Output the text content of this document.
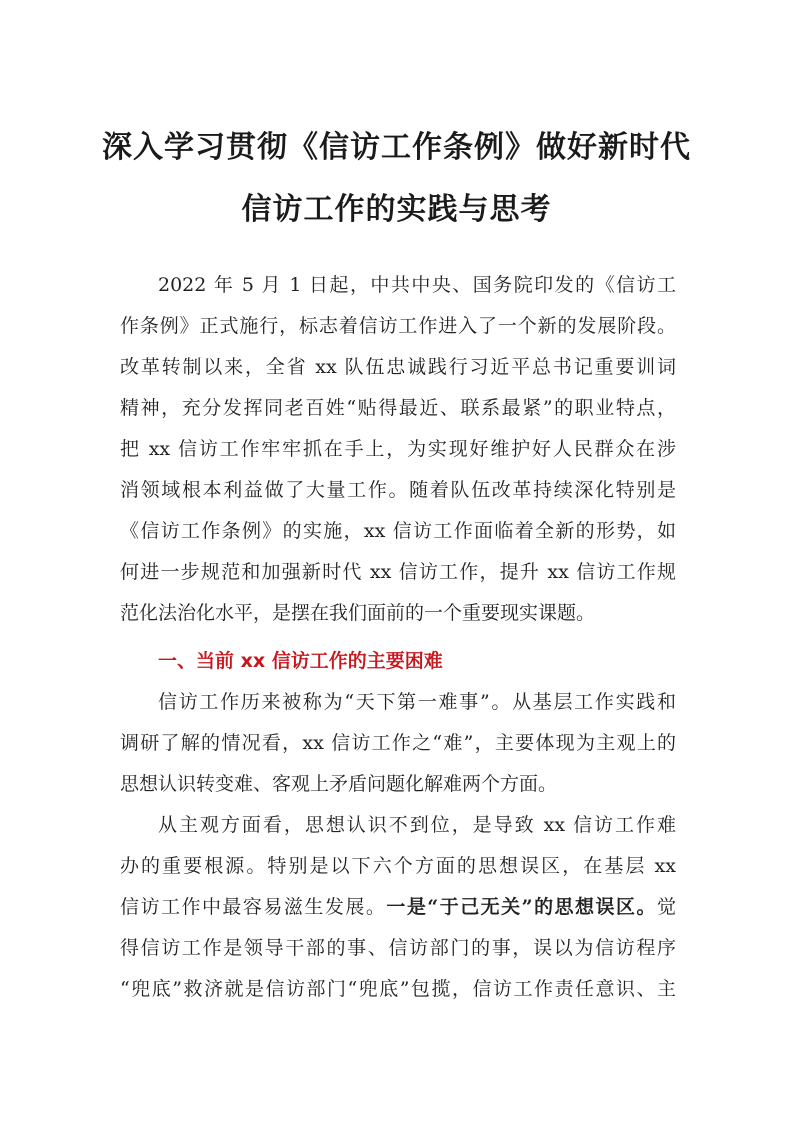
深入学习贯彻《信访工作条例》做好新时代
信访工作的实践与思考
2022 年 5 月 1 日起，中共中央、国务院印发的《信访工
作条例》正式施行，标志着信访工作进入了一个新的发展阶段。
改革转制以来，全省 xx 队伍忠诚践行习近平总书记重要训词
精神，充分发挥同老百姓“贴得最近、联系最紧”的职业特点，
把 xx 信访工作牢牢抓在手上，为实现好维护好人民群众在涉
消领域根本利益做了大量工作。随着队伍改革持续深化特别是
《信访工作条例》的实施，xx 信访工作面临着全新的形势，如
何进一步规范和加强新时代 xx 信访工作，提升 xx 信访工作规
范化法治化水平，是摆在我们面前的一个重要现实课题。
一、当前 xx 信访工作的主要困难
信访工作历来被称为“天下第一难事”。从基层工作实践和
调研了解的情况看，xx 信访工作之“难”，主要体现为主观上的
思想认识转变难、客观上矛盾问题化解难两个方面。
从主观方面看，思想认识不到位，是导致 xx 信访工作难
办的重要根源。特别是以下六个方面的思想误区，在基层 xx
信访工作中最容易滋生发展。一是“于己无关”的思想误区。觉
得信访工作是领导干部的事、信访部门的事，误以为信访程序
“兜底”救济就是信访部门“兜底”包揽，信访工作责任意识、主
